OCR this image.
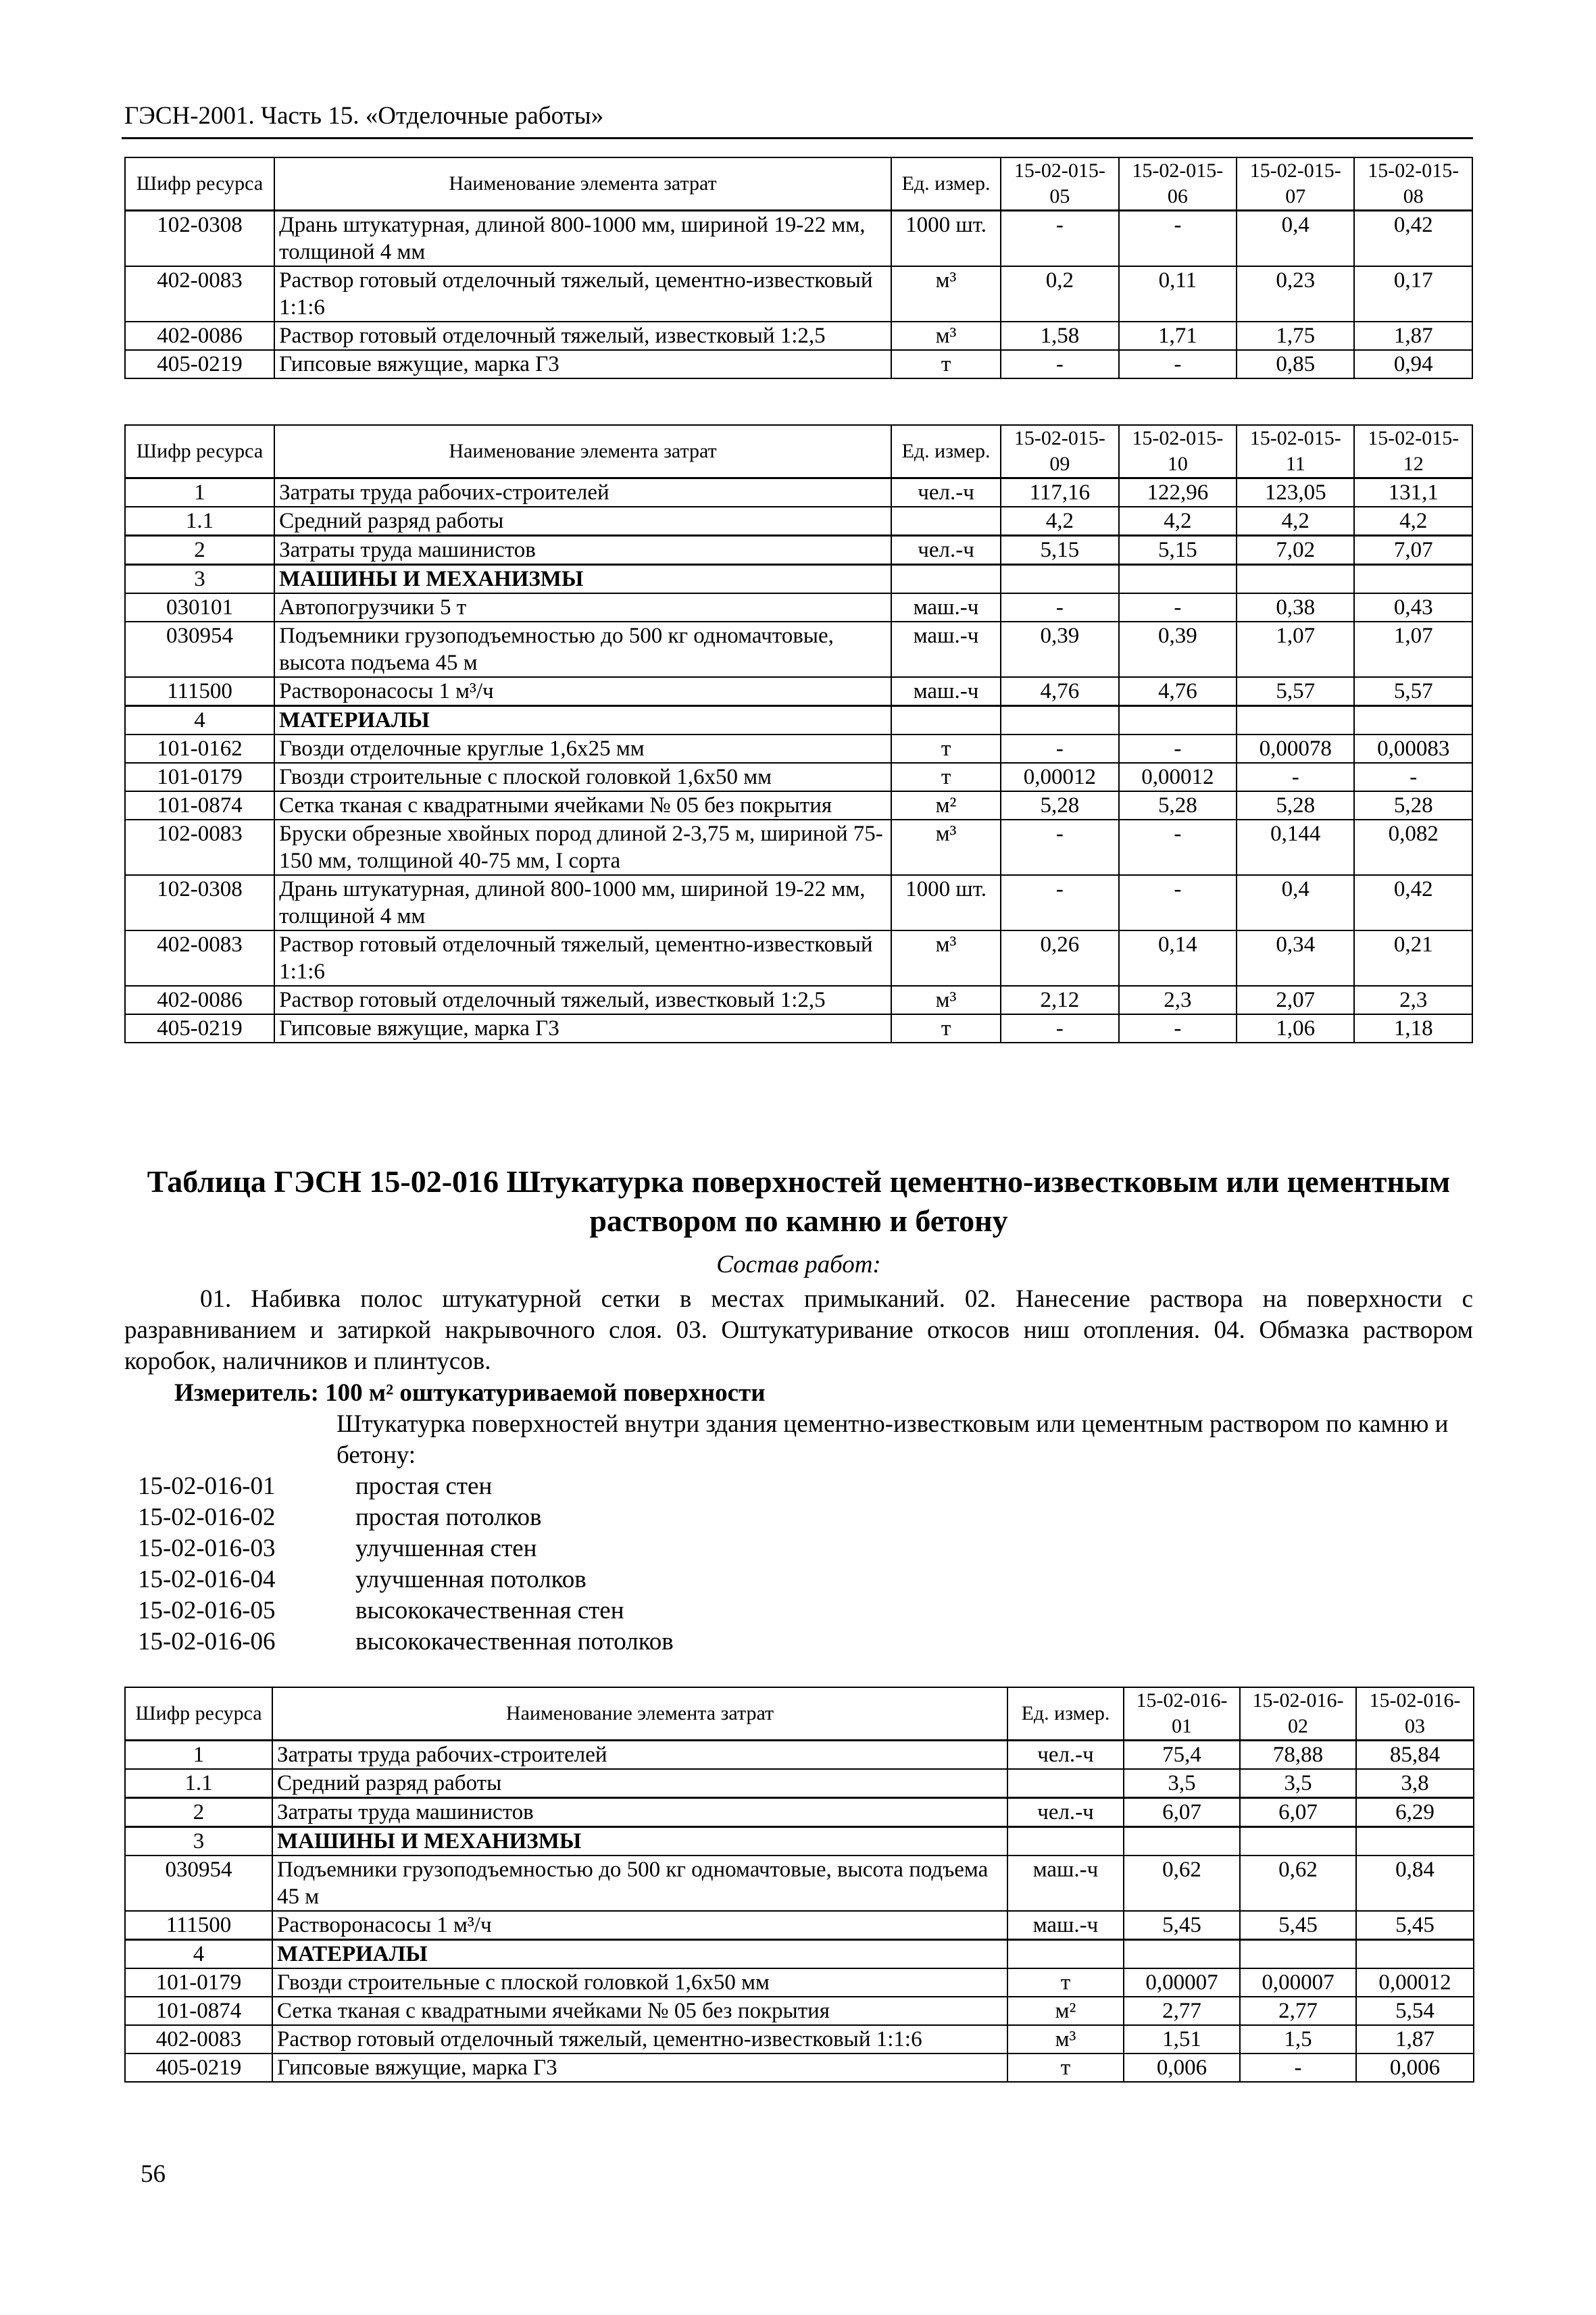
ГЭСН-2001. Часть 15. «Отделочные работы»
Шифр ресурса	Наименование элемента затрат	Ед. измер.	15-02-015-05	15-02-015-06	15-02-015-07	15-02-015-08
102-0308	Дрань штукатурная, длиной 800-1000 мм, шириной 19-22 мм, толщиной 4 мм	1000 шт.	-	-	0,4	0,42
402-0083	Раствор готовый отделочный тяжелый, цементно-известковый 1:1:6	м³	0,2	0,11	0,23	0,17
402-0086	Раствор готовый отделочный тяжелый, известковый 1:2,5	м³	1,58	1,71	1,75	1,87
405-0219	Гипсовые вяжущие, марка Г3	т	-	-	0,85	0,94
Шифр ресурса	Наименование элемента затрат	Ед. измер.	15-02-015-09	15-02-015-10	15-02-015-11	15-02-015-12
1	Затраты труда рабочих-строителей	чел.-ч	117,16	122,96	123,05	131,1
1.1	Средний разряд работы		4,2	4,2	4,2	4,2
2	Затраты труда машинистов	чел.-ч	5,15	5,15	7,02	7,07
3	МАШИНЫ И МЕХАНИЗМЫ					
030101	Автопогрузчики 5 т	маш.-ч	-	-	0,38	0,43
030954	Подъемники грузоподъемностью до 500 кг одномачтовые, высота подъема 45 м	маш.-ч	0,39	0,39	1,07	1,07
111500	Растворонасосы 1 м³/ч	маш.-ч	4,76	4,76	5,57	5,57
4	МАТЕРИАЛЫ					
101-0162	Гвозди отделочные круглые 1,6х25 мм	т	-	-	0,00078	0,00083
101-0179	Гвозди строительные с плоской головкой 1,6х50 мм	т	0,00012	0,00012	-	-
101-0874	Сетка тканая с квадратными ячейками № 05 без покрытия	м²	5,28	5,28	5,28	5,28
102-0083	Бруски обрезные хвойных пород длиной 2-3,75 м, шириной 75-150 мм, толщиной 40-75 мм, I сорта	м³	-	-	0,144	0,082
102-0308	Дрань штукатурная, длиной 800-1000 мм, шириной 19-22 мм, толщиной 4 мм	1000 шт.	-	-	0,4	0,42
402-0083	Раствор готовый отделочный тяжелый, цементно-известковый 1:1:6	м³	0,26	0,14	0,34	0,21
402-0086	Раствор готовый отделочный тяжелый, известковый 1:2,5	м³	2,12	2,3	2,07	2,3
405-0219	Гипсовые вяжущие, марка Г3	т	-	-	1,06	1,18
Таблица ГЭСН 15-02-016 Штукатурка поверхностей цементно-известковым или цементным раствором по камню и бетону
Состав работ:
01. Набивка полос штукатурной сетки в местах примыканий. 02. Нанесение раствора на поверхности с разравниванием и затиркой накрывочного слоя. 03. Оштукатуривание откосов ниш отопления. 04. Обмазка раствором коробок, наличников и плинтусов.
Измеритель: 100 м² оштукатуриваемой поверхности
Штукатурка поверхностей внутри здания цементно-известковым или цементным раствором по камню и бетону:
15-02-016-01	простая стен
15-02-016-02	простая потолков
15-02-016-03	улучшенная стен
15-02-016-04	улучшенная потолков
15-02-016-05	высококачественная стен
15-02-016-06	высококачественная потолков
Шифр ресурса	Наименование элемента затрат	Ед. измер.	15-02-016-01	15-02-016-02	15-02-016-03
1	Затраты труда рабочих-строителей	чел.-ч	75,4	78,88	85,84
1.1	Средний разряд работы		3,5	3,5	3,8
2	Затраты труда машинистов	чел.-ч	6,07	6,07	6,29
3	МАШИНЫ И МЕХАНИЗМЫ				
030954	Подъемники грузоподъемностью до 500 кг одномачтовые, высота подъема 45 м	маш.-ч	0,62	0,62	0,84
111500	Растворонасосы 1 м³/ч	маш.-ч	5,45	5,45	5,45
4	МАТЕРИАЛЫ				
101-0179	Гвозди строительные с плоской головкой 1,6х50 мм	т	0,00007	0,00007	0,00012
101-0874	Сетка тканая с квадратными ячейками № 05 без покрытия	м²	2,77	2,77	5,54
402-0083	Раствор готовый отделочный тяжелый, цементно-известковый 1:1:6	м³	1,51	1,5	1,87
405-0219	Гипсовые вяжущие, марка Г3	т	0,006	-	0,006
56
